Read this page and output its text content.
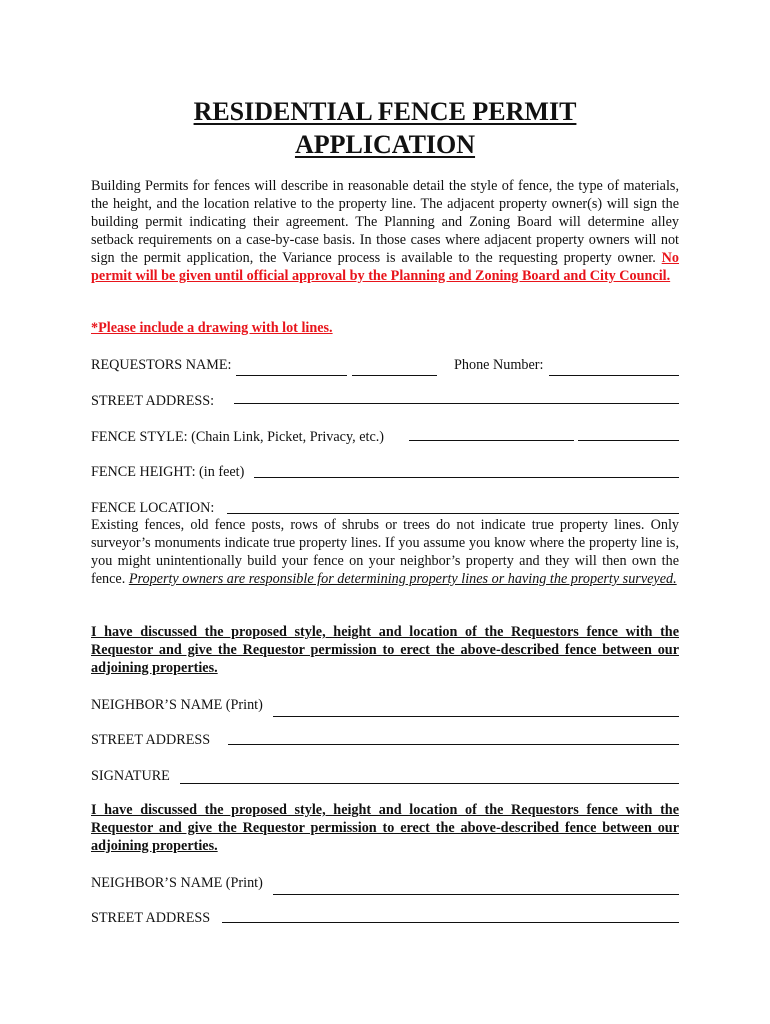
RESIDENTIAL FENCE PERMIT
APPLICATION
Building Permits for fences will describe in reasonable detail the style of fence, the type of materials, the height, and the location relative to the property line. The adjacent property owner(s) will sign the building permit indicating their agreement. The Planning and Zoning Board will determine alley setback requirements on a case-by-case basis. In those cases where adjacent property owners will not sign the permit application, the Variance process is available to the requesting property owner. No permit will be given until official approval by the Planning and Zoning Board and City Council.
*Please include a drawing with lot lines.
REQUESTORS NAME:	Phone Number:
STREET ADDRESS:
FENCE STYLE: (Chain Link, Picket, Privacy, etc.)
FENCE HEIGHT: (in feet)
FENCE LOCATION:
Existing fences, old fence posts, rows of shrubs or trees do not indicate true property lines. Only surveyor’s monuments indicate true property lines. If you assume you know where the property line is, you might unintentionally build your fence on your neighbor’s property and they will then own the fence. Property owners are responsible for determining property lines or having the property surveyed.
I have discussed the proposed style, height and location of the Requestors fence with the Requestor and give the Requestor permission to erect the above-described fence between our adjoining properties.
NEIGHBOR’S NAME (Print)
STREET ADDRESS
SIGNATURE
I have discussed the proposed style, height and location of the Requestors fence with the Requestor and give the Requestor permission to erect the above-described fence between our adjoining properties.
NEIGHBOR’S NAME (Print)
STREET ADDRESS
